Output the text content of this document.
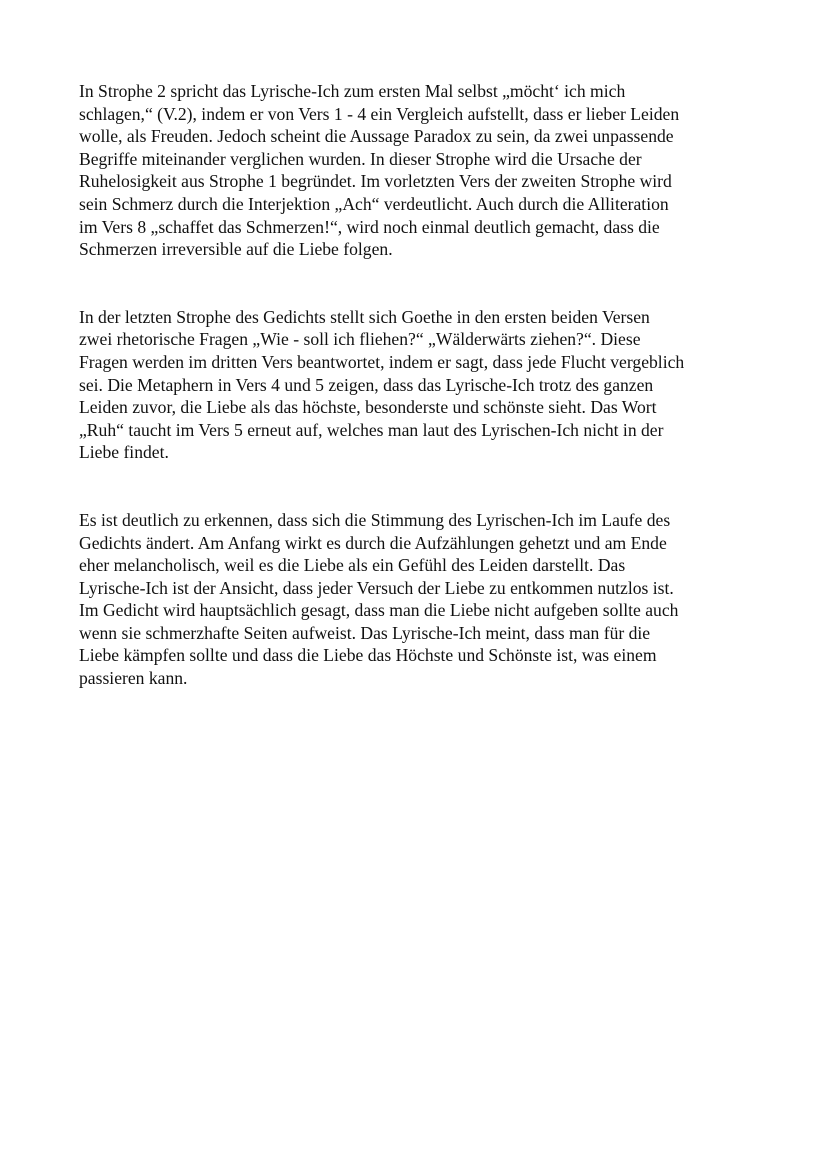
In Strophe 2 spricht das Lyrische-Ich zum ersten Mal selbst „möcht‘ ich mich
schlagen,“ (V.2), indem er von Vers 1 - 4 ein Vergleich aufstellt, dass er lieber Leiden
wolle, als Freuden. Jedoch scheint die Aussage Paradox zu sein, da zwei unpassende
Begriffe miteinander verglichen wurden. In dieser Strophe wird die Ursache der
Ruhelosigkeit aus Strophe 1 begründet. Im vorletzten Vers der zweiten Strophe wird
sein Schmerz durch die Interjektion „Ach“ verdeutlicht. Auch durch die Alliteration
im Vers 8 „schaffet das Schmerzen!“, wird noch einmal deutlich gemacht, dass die
Schmerzen irreversible auf die Liebe folgen.

In der letzten Strophe des Gedichts stellt sich Goethe in den ersten beiden Versen
zwei rhetorische Fragen „Wie - soll ich fliehen?“ „Wälderwärts ziehen?“. Diese
Fragen werden im dritten Vers beantwortet, indem er sagt, dass jede Flucht vergeblich
sei. Die Metaphern in Vers 4 und 5 zeigen, dass das Lyrische-Ich trotz des ganzen
Leiden zuvor, die Liebe als das höchste, besonderste und schönste sieht. Das Wort
„Ruh“ taucht im Vers 5 erneut auf, welches man laut des Lyrischen-Ich nicht in der
Liebe findet.

Es ist deutlich zu erkennen, dass sich die Stimmung des Lyrischen-Ich im Laufe des
Gedichts ändert. Am Anfang wirkt es durch die Aufzählungen gehetzt und am Ende
eher melancholisch, weil es die Liebe als ein Gefühl des Leiden darstellt. Das
Lyrische-Ich ist der Ansicht, dass jeder Versuch der Liebe zu entkommen nutzlos ist.
Im Gedicht wird hauptsächlich gesagt, dass man die Liebe nicht aufgeben sollte auch
wenn sie schmerzhafte Seiten aufweist. Das Lyrische-Ich meint, dass man für die
Liebe kämpfen sollte und dass die Liebe das Höchste und Schönste ist, was einem
passieren kann.
